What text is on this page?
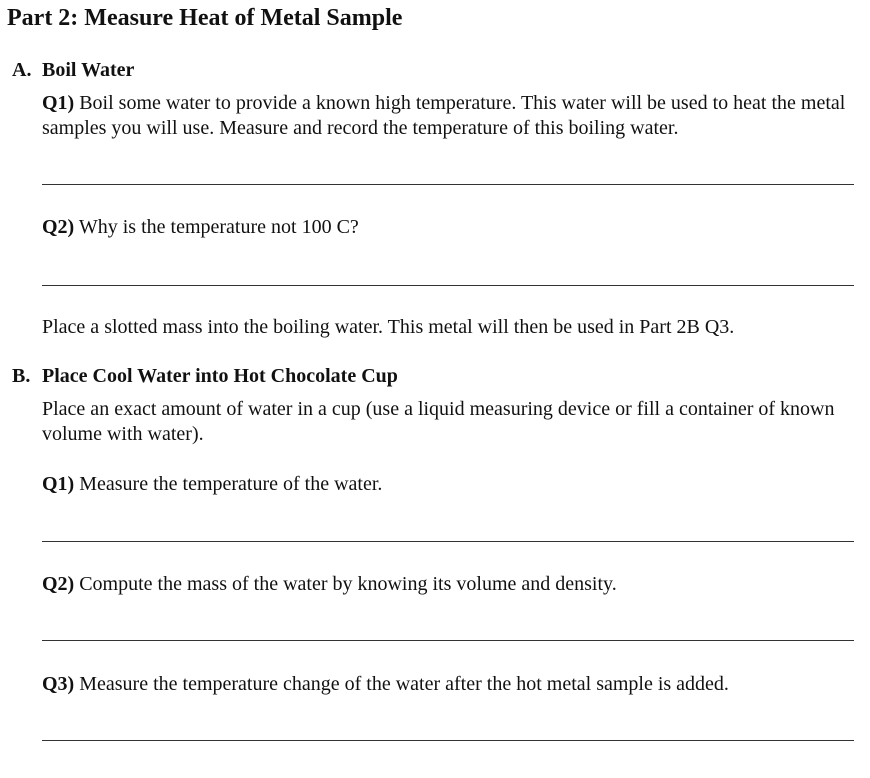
Part 2: Measure Heat of Metal Sample
A. Boil Water
Q1) Boil some water to provide a known high temperature. This water will be used to heat the metal samples you will use. Measure and record the temperature of this boiling water.
Q2) Why is the temperature not 100 C?
Place a slotted mass into the boiling water. This metal will then be used in Part 2B Q3.
B. Place Cool Water into Hot Chocolate Cup
Place an exact amount of water in a cup (use a liquid measuring device or fill a container of known volume with water).
Q1) Measure the temperature of the water.
Q2) Compute the mass of the water by knowing its volume and density.
Q3) Measure the temperature change of the water after the hot metal sample is added.
